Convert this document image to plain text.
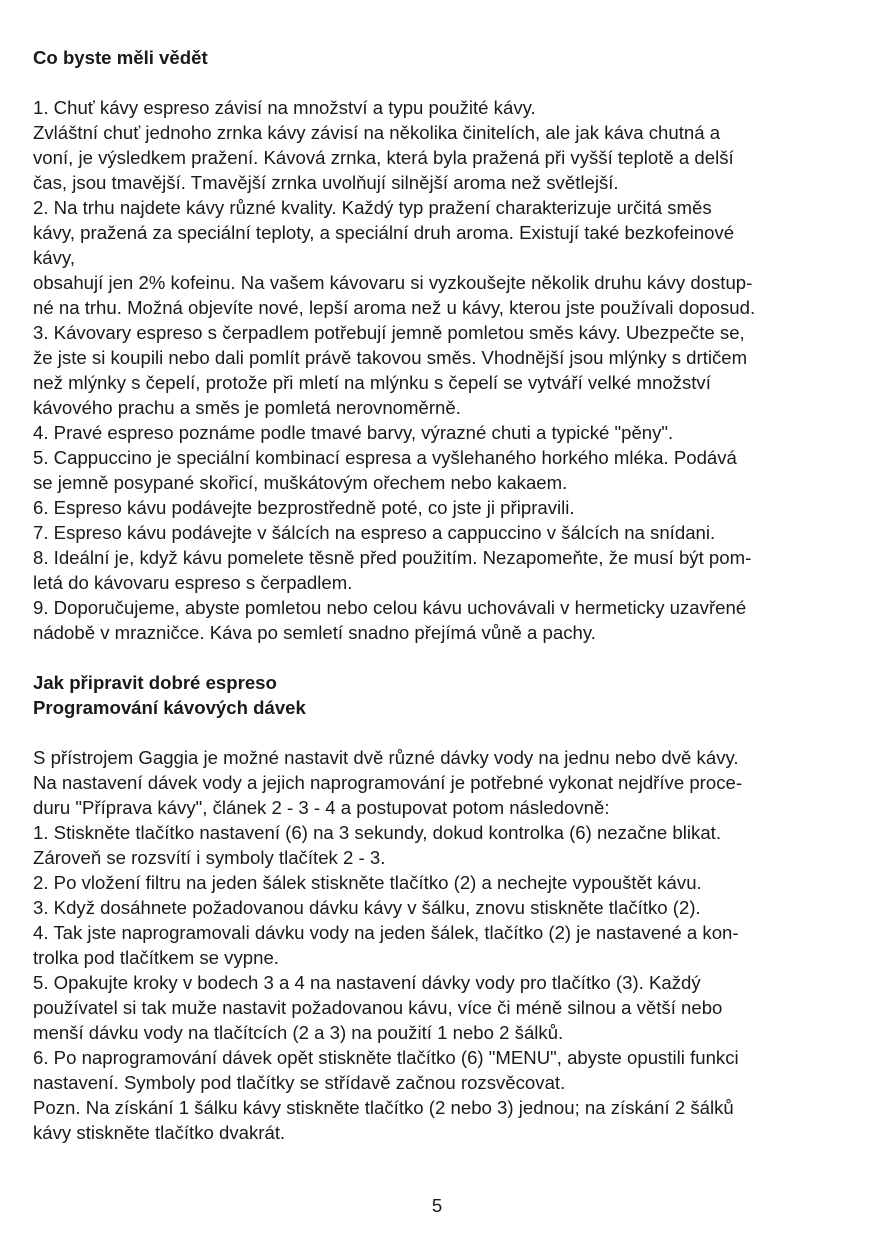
Co byste měli vědět
1. Chuť kávy espreso závisí na množství a typu použité kávy.
Zvláštní chuť jednoho zrnka kávy závisí na několika činitelích, ale jak káva chutná a
voní, je výsledkem pražení. Kávová zrnka, která byla pražená při vyšší teplotě a delší
čas, jsou tmavější. Tmavější zrnka uvolňují silnější aroma než světlejší.
2. Na trhu najdete kávy různé kvality. Každý typ pražení charakterizuje určitá směs
kávy, pražená za speciální teploty, a speciální druh aroma. Existují také bezkofeinové
kávy,
obsahují jen 2% kofeinu. Na vašem kávovaru si vyzkoušejte několik druhu kávy dostup-
né na trhu. Možná objevíte nové, lepší aroma než u kávy, kterou jste používali doposud.
3. Kávovary espreso s čerpadlem potřebují jemně pomletou směs kávy. Ubezpečte se,
že jste si koupili nebo dali pomlít právě takovou směs. Vhodnější jsou mlýnky s drtičem
než mlýnky s čepelí, protože při mletí na mlýnku s čepelí se vytváří velké množství
kávového prachu a směs je pomletá nerovnoměrně.
4. Pravé espreso poznáme podle tmavé barvy, výrazné chuti a typické "pěny".
5. Cappuccino je speciální kombinací espresa a vyšlehaného horkého mléka. Podává
se jemně posypané skořicí, muškátovým ořechem nebo kakaem.
6. Espreso kávu podávejte bezprostředně poté, co jste ji připravili.
7. Espreso kávu podávejte v šálcích na espreso a cappuccino v šálcích na snídani.
8. Ideální je, když kávu pomelete těsně před použitím. Nezapomeňte, že musí být pom-
letá do kávovaru espreso s čerpadlem.
9. Doporučujeme, abyste pomletou nebo celou kávu uchovávali v hermeticky uzavřené
nádobě v mrazničce. Káva po semletí snadno přejímá vůně a pachy.
Jak připravit dobré espreso
Programování kávových dávek
S přístrojem Gaggia je možné nastavit dvě různé dávky vody na jednu nebo dvě kávy.
Na nastavení dávek vody a jejich naprogramování je potřebné vykonat nejdříve proce-
duru "Příprava kávy", článek 2 - 3 - 4 a postupovat potom následovně:
1. Stiskněte tlačítko nastavení (6) na 3 sekundy, dokud kontrolka (6) nezačne blikat.
Zároveň se rozsvítí i symboly tlačítek 2 - 3.
2. Po vložení filtru na jeden šálek stiskněte tlačítko (2) a nechejte vypouštět kávu.
3. Když dosáhnete požadovanou dávku kávy v šálku, znovu stiskněte tlačítko (2).
4. Tak jste naprogramovali dávku vody na jeden šálek, tlačítko (2) je nastavené a kon-
trolka pod tlačítkem se vypne.
5. Opakujte kroky v bodech 3 a 4 na nastavení dávky vody pro tlačítko (3). Každý
používatel si tak muže nastavit požadovanou kávu, více či méně silnou a větší nebo
menší dávku vody na tlačítcích (2 a 3) na použití 1 nebo 2 šálků.
6. Po naprogramování dávek opět stiskněte tlačítko (6) "MENU", abyste opustili funkci
nastavení. Symboly pod tlačítky se střídavě začnou rozsvěcovat.
Pozn. Na získání 1 šálku kávy stiskněte tlačítko (2 nebo 3) jednou; na získání 2 šálků
kávy stiskněte tlačítko dvakrát.
5
